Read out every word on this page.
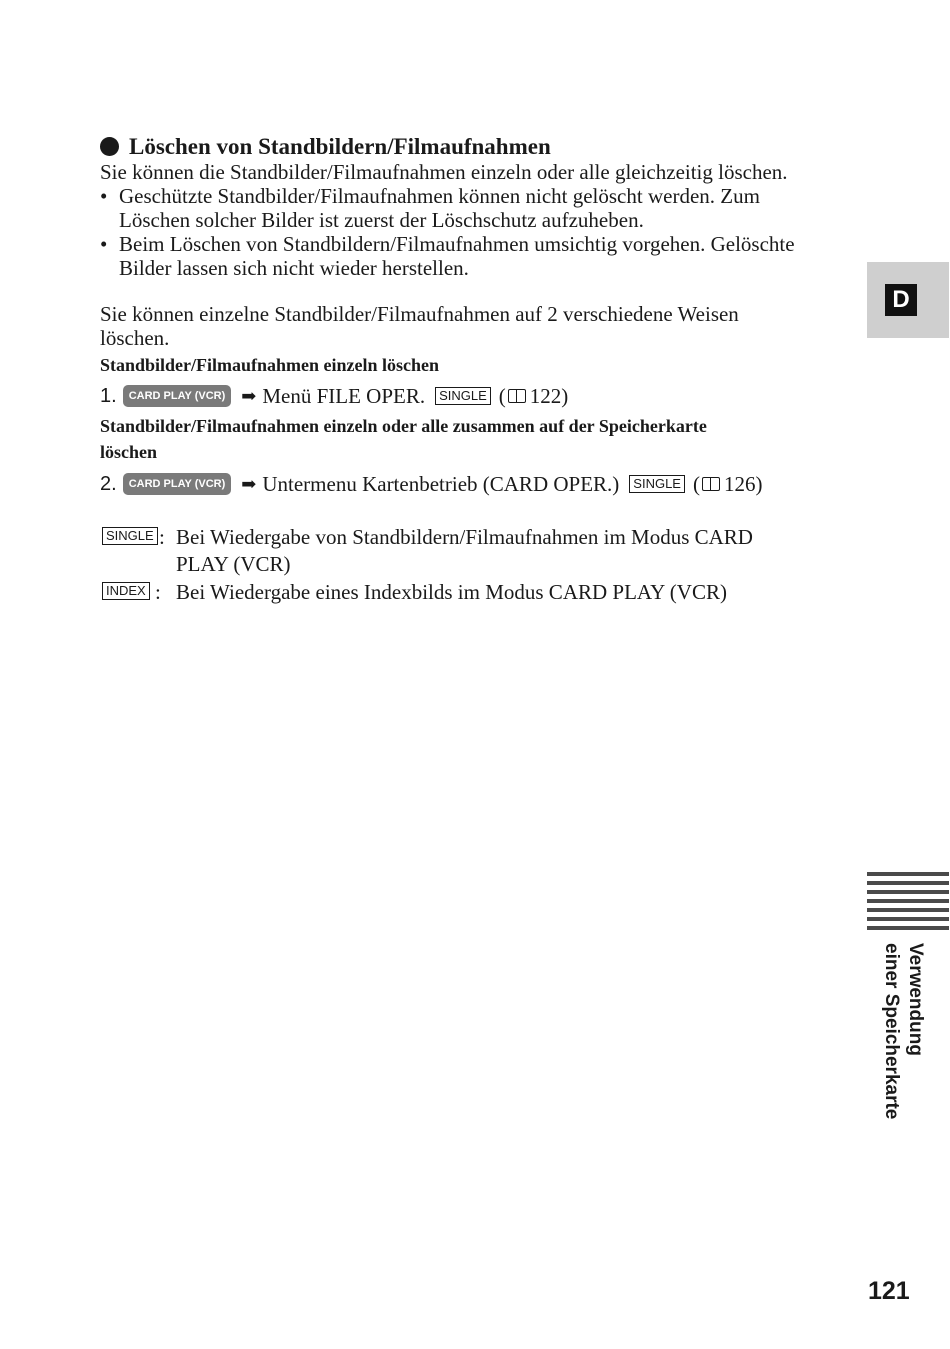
Löschen von Standbildern/Filmaufnahmen
Sie können die Standbilder/Filmaufnahmen einzeln oder alle gleichzeitig löschen.
• Geschützte Standbilder/Filmaufnahmen können nicht gelöscht werden. Zum
Löschen solcher Bilder ist zuerst der Löschschutz aufzuheben.
• Beim Löschen von Standbildern/Filmaufnahmen umsichtig vorgehen. Gelöschte
Bilder lassen sich nicht wieder herstellen.
Sie können einzelne Standbilder/Filmaufnahmen auf 2 verschiedene Weisen
löschen.
Standbilder/Filmaufnahmen einzeln löschen
1.	CARD PLAY (VCR) ➡ Menü FILE OPER.	SINGLE ( 122)
Standbilder/Filmaufnahmen einzeln oder alle zusammen auf der Speicherkarte
löschen
2.	CARD PLAY (VCR) ➡ Untermenu Kartenbetrieb (CARD OPER.)	SINGLE ( 126)
SINGLE : Bei Wiedergabe von Standbildern/Filmaufnahmen im Modus CARD
PLAY (VCR)
INDEX : Bei Wiedergabe eines Indexbilds im Modus CARD PLAY (VCR)
D
Verwendung
einer Speicherkarte
121
